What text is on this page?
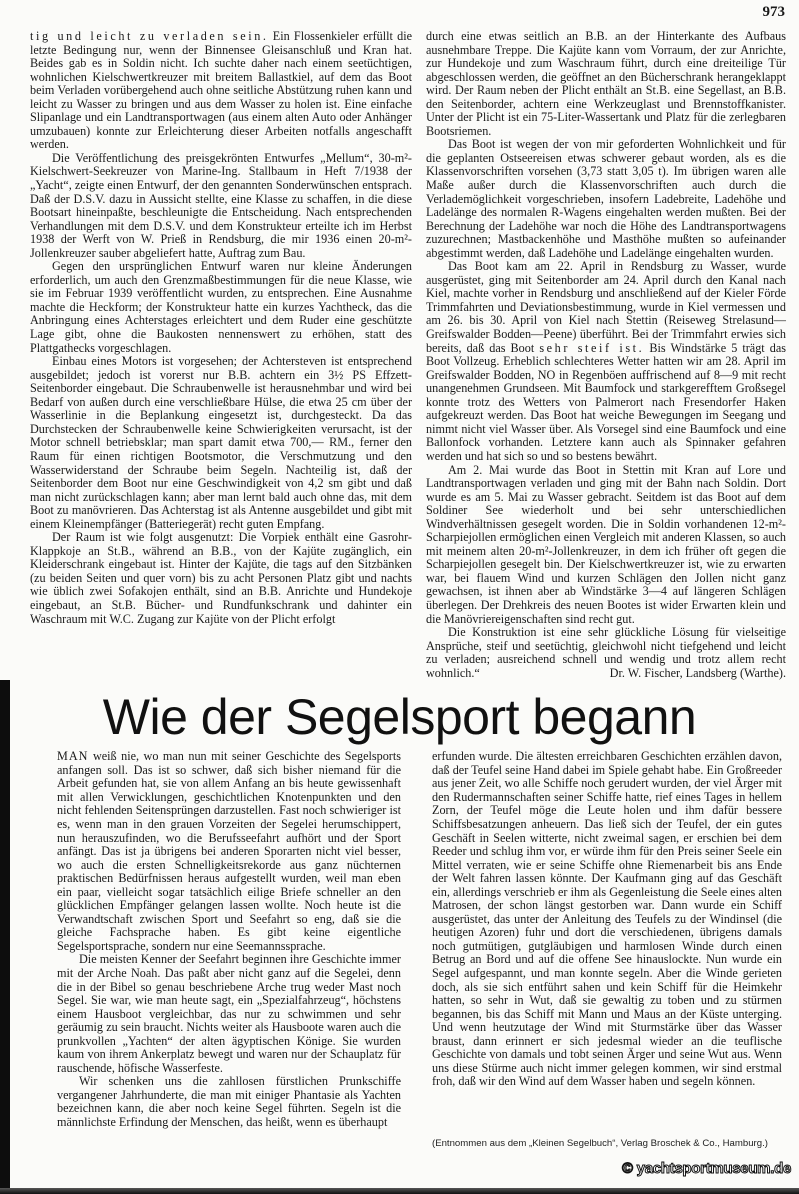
973

tig und leicht zu verladen sein. Ein Flossenkieler erfüllt die letzte Bedingung nur, wenn der Binnensee Gleisanschluß und Kran hat. Beides gab es in Soldin nicht. Ich suchte daher nach einem seetüchtigen, wohnlichen Kielschwertkreuzer mit breitem Ballastkiel, auf dem das Boot beim Verladen vorübergehend auch ohne seitliche Abstützung ruhen kann und leicht zu Wasser zu bringen und aus dem Wasser zu holen ist. Eine einfache Slipanlage und ein Landtransportwagen (aus einem alten Auto oder Anhänger umzubauen) konnte zur Erleichterung dieser Arbeiten notfalls angeschafft werden.

Die Veröffentlichung des preisgekrönten Entwurfes „Mellum“, 30-m²-Kielschwert-Seekreuzer von Marine-Ing. Stallbaum in Heft 7/1938 der „Yacht“, zeigte einen Entwurf, der den genannten Sonderwünschen entsprach. Daß der D.S.V. dazu in Aussicht stellte, eine Klasse zu schaffen, in die diese Bootsart hineinpaßte, beschleunigte die Entscheidung. Nach entsprechenden Verhandlungen mit dem D.S.V. und dem Konstrukteur erteilte ich im Herbst 1938 der Werft von W. Prieß in Rendsburg, die mir 1936 einen 20-m²-Jollenkreuzer sauber abgeliefert hatte, Auftrag zum Bau.

Gegen den ursprünglichen Entwurf waren nur kleine Änderungen erforderlich, um auch den Grenzmaßbestimmungen für die neue Klasse, wie sie im Februar 1939 veröffentlicht wurden, zu entsprechen. Eine Ausnahme machte die Heckform; der Konstrukteur hatte ein kurzes Yachtheck, das die Anbringung eines Achterstages erleichtert und dem Ruder eine geschützte Lage gibt, ohne die Baukosten nennenswert zu erhöhen, statt des Plattgathecks vorgeschlagen.

Einbau eines Motors ist vorgesehen; der Achtersteven ist entsprechend ausgebildet; jedoch ist vorerst nur B.B. achtern ein 3½ PS Effzett-Seitenborder eingebaut. Die Schraubenwelle ist herausnehmbar und wird bei Bedarf von außen durch eine verschließbare Hülse, die etwa 25 cm über der Wasserlinie in die Beplankung eingesetzt ist, durchgesteckt. Da das Durchstecken der Schraubenwelle keine Schwierigkeiten verursacht, ist der Motor schnell betriebsklar; man spart damit etwa 700,— RM., ferner den Raum für einen richtigen Bootsmotor, die Verschmutzung und den Wasserwiderstand der Schraube beim Segeln. Nachteilig ist, daß der Seitenborder dem Boot nur eine Geschwindigkeit von 4,2 sm gibt und daß man nicht zurückschlagen kann; aber man lernt bald auch ohne das, mit dem Boot zu manövrieren. Das Achterstag ist als Antenne ausgebildet und gibt mit einem Kleinempfänger (Batteriegerät) recht guten Empfang.

Der Raum ist wie folgt ausgenutzt: Die Vorpiek enthält eine Gasrohr-Klappkoje an St.B., während an B.B., von der Kajüte zugänglich, ein Kleiderschrank eingebaut ist. Hinter der Kajüte, die tags auf den Sitzbänken (zu beiden Seiten und quer vorn) bis zu acht Personen Platz gibt und nachts wie üblich zwei Sofakojen enthält, sind an B.B. Anrichte und Hundekoje eingebaut, an St.B. Bücher- und Rundfunkschrank und dahinter ein Waschraum mit W.C. Zugang zur Kajüte von der Plicht erfolgt

durch eine etwas seitlich an B.B. an der Hinterkante des Aufbaus ausnehmbare Treppe. Die Kajüte kann vom Vorraum, der zur Anrichte, zur Hundekoje und zum Waschraum führt, durch eine dreiteilige Tür abgeschlossen werden, die geöffnet an den Bücherschrank herangeklappt wird. Der Raum neben der Plicht enthält an St.B. eine Segellast, an B.B. den Seitenborder, achtern eine Werkzeuglast und Brennstoffkanister. Unter der Plicht ist ein 75-Liter-Wassertank und Platz für die zerlegbaren Bootsriemen.

Das Boot ist wegen der von mir geforderten Wohnlichkeit und für die geplanten Ostseereisen etwas schwerer gebaut worden, als es die Klassenvorschriften vorsehen (3,73 statt 3,05 t). Im übrigen waren alle Maße außer durch die Klassenvorschriften auch durch die Verlademöglichkeit vorgeschrieben, insofern Ladebreite, Ladehöhe und Ladelänge des normalen R-Wagens eingehalten werden mußten. Bei der Berechnung der Ladehöhe war noch die Höhe des Landtransportwagens zuzurechnen; Mastbackenhöhe und Masthöhe mußten so aufeinander abgestimmt werden, daß Ladehöhe und Ladelänge eingehalten wurden.

Das Boot kam am 22. April in Rendsburg zu Wasser, wurde ausgerüstet, ging mit Seitenborder am 24. April durch den Kanal nach Kiel, machte vorher in Rendsburg und anschließend auf der Kieler Förde Trimmfahrten und Deviationsbestimmung, wurde in Kiel vermessen und am 26. bis 30. April von Kiel nach Stettin (Reiseweg Strelasund—Greifswalder Bodden—Peene) überführt. Bei der Trimmfahrt erwies sich bereits, daß das Boot sehr steif ist. Bis Windstärke 5 trägt das Boot Vollzeug. Erheblich schlechteres Wetter hatten wir am 28. April im Greifswalder Bodden, NO in Regenböen auffrischend auf 8—9 mit recht unangenehmen Grundseen. Mit Baumfock und starkgerefftem Großsegel konnte trotz des Wetters von Palmerort nach Fresendorfer Haken aufgekreuzt werden. Das Boot hat weiche Bewegungen im Seegang und nimmt nicht viel Wasser über. Als Vorsegel sind eine Baumfock und eine Ballonfock vorhanden. Letztere kann auch als Spinnaker gefahren werden und hat sich so und so bestens bewährt.

Am 2. Mai wurde das Boot in Stettin mit Kran auf Lore und Landtransportwagen verladen und ging mit der Bahn nach Soldin. Dort wurde es am 5. Mai zu Wasser gebracht. Seitdem ist das Boot auf dem Soldiner See wiederholt und bei sehr unterschiedlichen Windverhältnissen gesegelt worden. Die in Soldin vorhandenen 12-m²-Scharpiejollen ermöglichen einen Vergleich mit anderen Klassen, so auch mit meinem alten 20-m²-Jollenkreuzer, in dem ich früher oft gegen die Scharpiejollen gesegelt bin. Der Kielschwertkreuzer ist, wie zu erwarten war, bei flauem Wind und kurzen Schlägen den Jollen nicht ganz gewachsen, ist ihnen aber ab Windstärke 3—4 auf längeren Schlägen überlegen. Der Drehkreis des neuen Bootes ist wider Erwarten klein und die Manövriereigenschaften sind recht gut.

Die Konstruktion ist eine sehr glückliche Lösung für vielseitige Ansprüche, steif und seetüchtig, gleichwohl nicht tiefgehend und leicht zu verladen; ausreichend schnell und wendig und trotz allem recht wohnlich.“	Dr. W. Fischer, Landsberg (Warthe).

Wie der Segelsport begann

MAN weiß nie, wo man nun mit seiner Geschichte des Segelsports anfangen soll. Das ist so schwer, daß sich bisher niemand für die Arbeit gefunden hat, sie von allem Anfang an bis heute gewissenhaft mit allen Verwicklungen, geschichtlichen Knotenpunkten und den nicht fehlenden Seitensprüngen darzustellen. Fast noch schwieriger ist es, wenn man in den grauen Vorzeiten der Segelei herumschippert, nun herauszufinden, wo die Berufsseefahrt aufhört und der Sport anfängt. Das ist ja übrigens bei anderen Sporarten nicht viel besser, wo auch die ersten Schnelligkeitsrekorde aus ganz nüchternen praktischen Bedürfnissen heraus aufgestellt wurden, weil man eben ein paar, vielleicht sogar tatsächlich eilige Briefe schneller an den glücklichen Empfänger gelangen lassen wollte. Noch heute ist die Verwandtschaft zwischen Sport und Seefahrt so eng, daß sie die gleiche Fachsprache haben. Es gibt keine eigentliche Segelsportsprache, sondern nur eine Seemannssprache.

Die meisten Kenner der Seefahrt beginnen ihre Geschichte immer mit der Arche Noah. Das paßt aber nicht ganz auf die Segelei, denn die in der Bibel so genau beschriebene Arche trug weder Mast noch Segel. Sie war, wie man heute sagt, ein „Spezialfahrzeug“, höchstens einem Hausboot vergleichbar, das nur zu schwimmen und sehr geräumig zu sein braucht. Nichts weiter als Hausboote waren auch die prunkvollen „Yachten“ der alten ägyptischen Könige. Sie wurden kaum von ihrem Ankerplatz bewegt und waren nur der Schauplatz für rauschende, höfische Wasserfeste.

Wir schenken uns die zahllosen fürstlichen Prunkschiffe vergangener Jahrhunderte, die man mit einiger Phantasie als Yachten bezeichnen kann, die aber noch keine Segel führten. Segeln ist die männlichste Erfindung der Menschen, das heißt, wenn es überhaupt

erfunden wurde. Die ältesten erreichbaren Geschichten erzählen davon, daß der Teufel seine Hand dabei im Spiele gehabt habe. Ein Großreeder aus jener Zeit, wo alle Schiffe noch gerudert wurden, der viel Ärger mit den Rudermannschaften seiner Schiffe hatte, rief eines Tages in hellem Zorn, der Teufel möge die Leute holen und ihm dafür bessere Schiffsbesatzungen anheuern. Das ließ sich der Teufel, der ein gutes Geschäft in Seelen witterte, nicht zweimal sagen, er erschien bei dem Reeder und schlug ihm vor, er würde ihm für den Preis seiner Seele ein Mittel verraten, wie er seine Schiffe ohne Riemenarbeit bis ans Ende der Welt fahren lassen könnte. Der Kaufmann ging auf das Geschäft ein, allerdings verschrieb er ihm als Gegenleistung die Seele eines alten Matrosen, der schon längst gestorben war. Dann wurde ein Schiff ausgerüstet, das unter der Anleitung des Teufels zu der Windinsel (die heutigen Azoren) fuhr und dort die verschiedenen, übrigens damals noch gutmütigen, gutgläubigen und harmlosen Winde durch einen Betrug an Bord und auf die offene See hinauslockte. Nun wurde ein Segel aufgespannt, und man konnte segeln. Aber die Winde gerieten doch, als sie sich entführt sahen und kein Schiff für die Heimkehr hatten, so sehr in Wut, daß sie gewaltig zu toben und zu stürmen begannen, bis das Schiff mit Mann und Maus an der Küste unterging. Und wenn heutzutage der Wind mit Sturmstärke über das Wasser braust, dann erinnert er sich jedesmal wieder an die teuflische Geschichte von damals und tobt seinen Ärger und seine Wut aus. Wenn uns diese Stürme auch nicht immer gelegen kommen, wir sind erstmal froh, daß wir den Wind auf dem Wasser haben und segeln können.

(Entnommen aus dem „Kleinen Segelbuch“, Verlag Broschek & Co., Hamburg.)
© yachtsportmuseum.de
